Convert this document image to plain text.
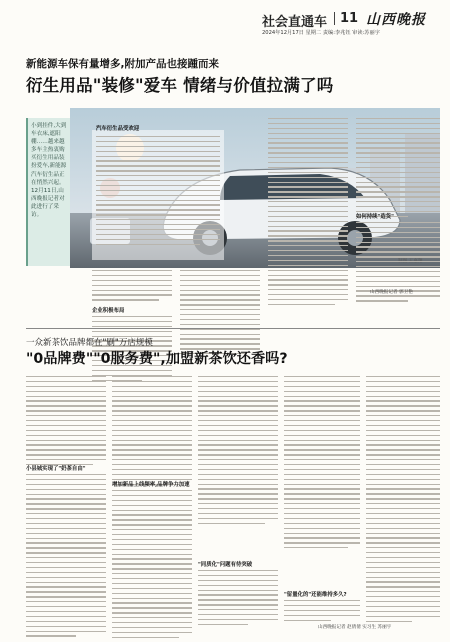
社会直通车 11 山西晚报
2024年12月17日 星期二 责编:李兆钰 审读:苏丽宇
新能源车保有量增多,附加产品也接踵而来
衍生用品"装修"爱车 情绪与价值拉满了吗
小到挂件,大到车衣床,遮阳棚……越来越多车主热衷购买衍生用品装扮爱车,新能源汽车衍生品正在悄然兴起。12月11日,山西晚报记者对此进行了采访。
汽车衍生品受欢迎
企业积极布局
如何持续"造货"
山西晚报记者 郭卫艳
一众新茶饮品牌都在"刷"万店规模
"0品牌费""0服务费",加盟新茶饮还香吗?
小县城实现了"奶茶自由"
增加新品上线频率,品牌争力加速
"同质化"问题有待突破
"留量化的"还能维持多久?
山西晚报记者 赵倩倩 实习生 苏丽宇
